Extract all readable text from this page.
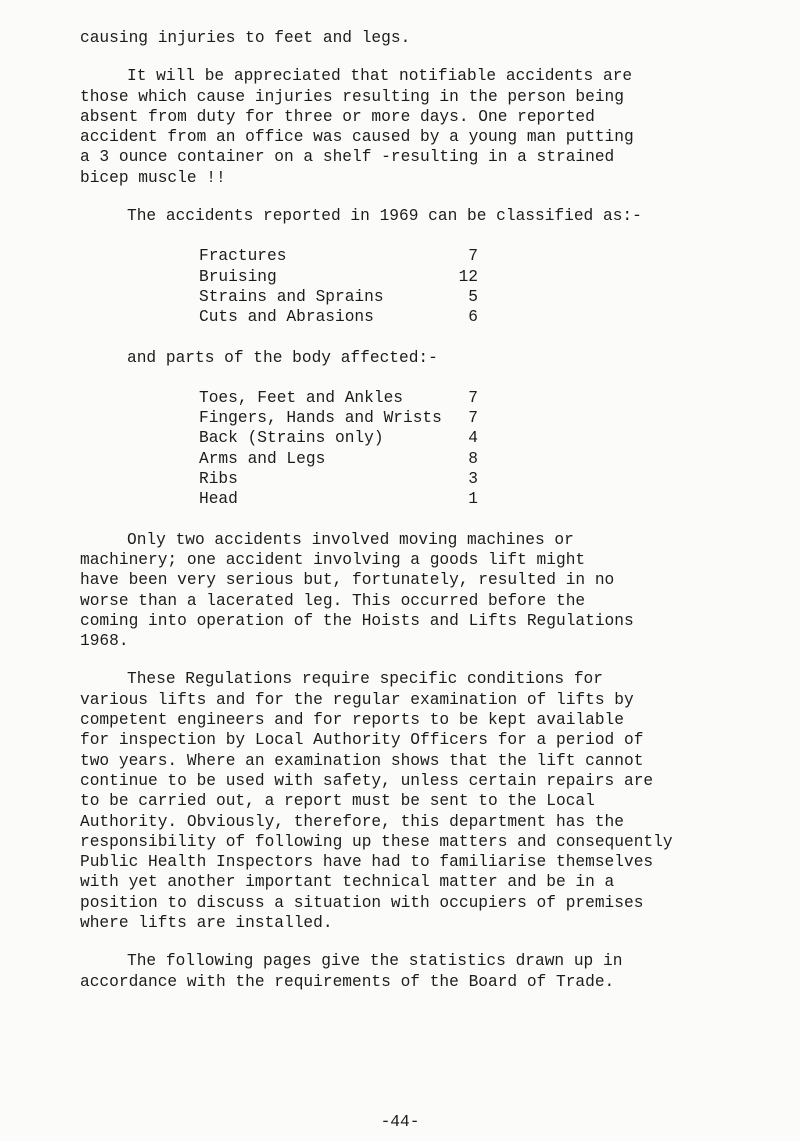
causing injuries to feet and legs.

It will be appreciated that notifiable accidents are
those which cause injuries resulting in the person being
absent from duty for three or more days. One reported
accident from an office was caused by a young man putting
a 3 ounce container on a shelf -resulting in a strained
bicep muscle !!

The accidents reported in 1969 can be classified as:-

Fractures	7
Bruising	12
Strains and Sprains	5
Cuts and Abrasions	6

and parts of the body affected:-

Toes, Feet and Ankles	7
Fingers, Hands and Wrists	7
Back (Strains only)	4
Arms and Legs	8
Ribs	3
Head	1

Only two accidents involved moving machines or
machinery; one accident involving a goods lift might
have been very serious but, fortunately, resulted in no
worse than a lacerated leg. This occurred before the
coming into operation of the Hoists and Lifts Regulations
1968.

These Regulations require specific conditions for
various lifts and for the regular examination of lifts by
competent engineers and for reports to be kept available
for inspection by Local Authority Officers for a period of
two years. Where an examination shows that the lift cannot
continue to be used with safety, unless certain repairs are
to be carried out, a report must be sent to the Local
Authority. Obviously, therefore, this department has the
responsibility of following up these matters and consequently
Public Health Inspectors have had to familiarise themselves
with yet another important technical matter and be in a
position to discuss a situation with occupiers of premises
where lifts are installed.

The following pages give the statistics drawn up in
accordance with the requirements of the Board of Trade.

-44-
